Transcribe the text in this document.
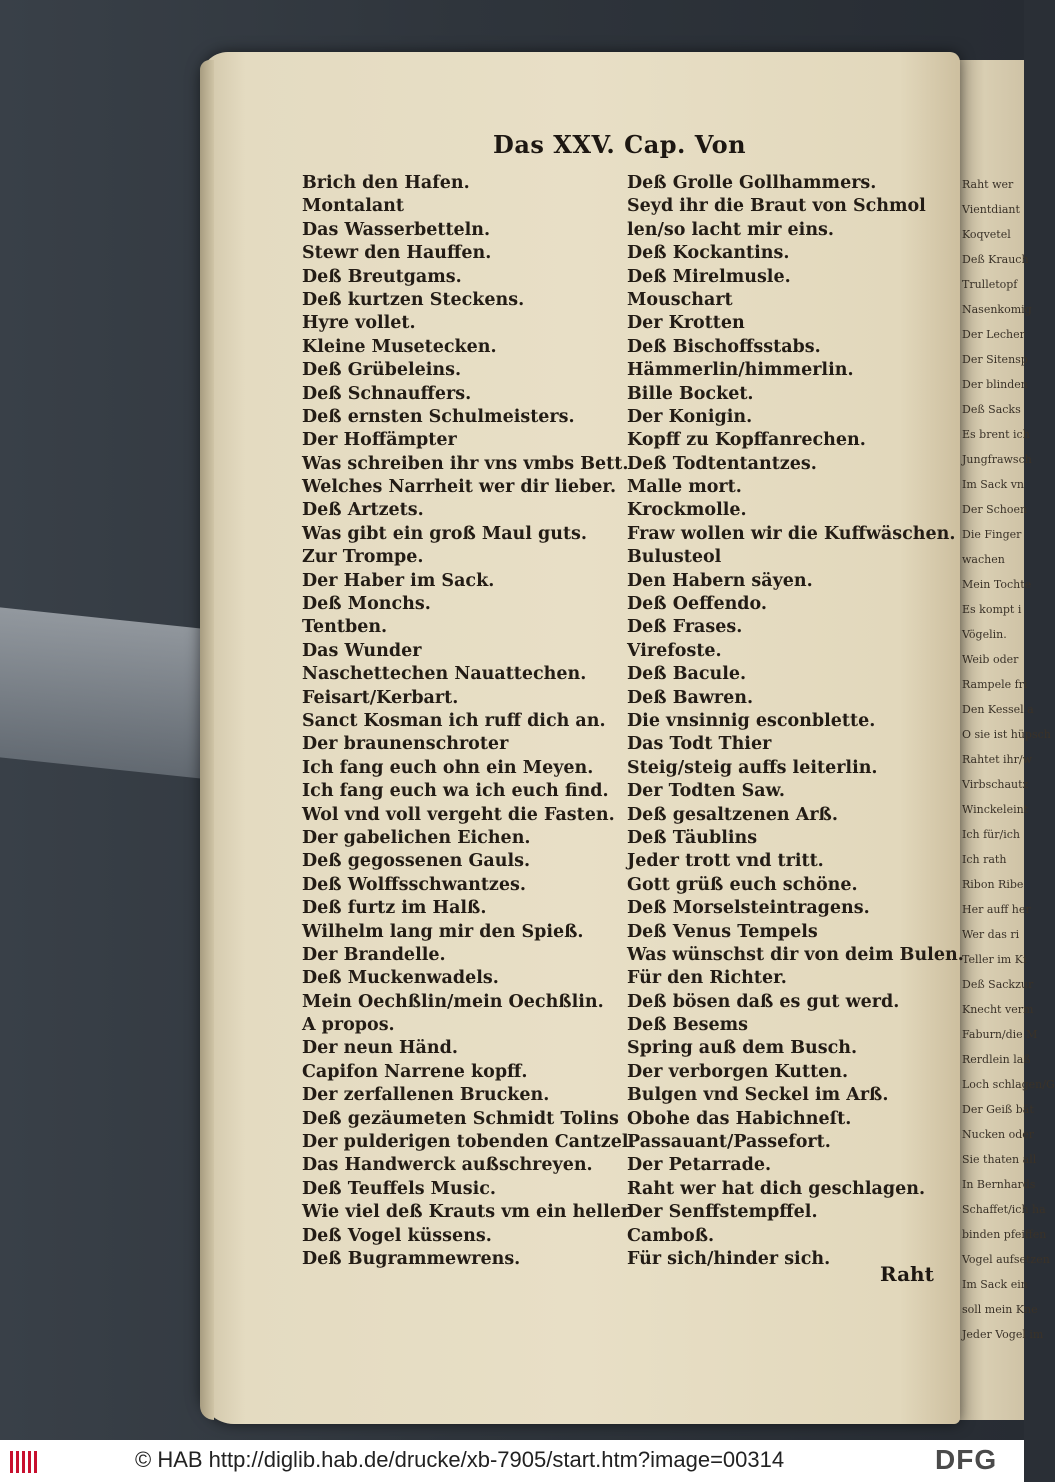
Raht wer
Vientdiant
Koqvetel
Deß Krauch
Trulletopf
Nasenkomig
Der Lecher
Der Sitensp
Der blinden
Deß Sacks
Es brent ich
Jungfrawsch
Im Sack vn
Der Schoen
Die Finger
wachen
Mein Tochte
Es kompt i
Vögelin.
Weib oder
Rampele fri
Den Kessel a
O sie ist hüpsch
Rahtet ihr/w
Virbschautz
Winckeleint
Ich für/ich
Ich rath
Ribon Ribe
Her auff her
Wer das ri
Teller im Ki
Deß Sackzur
Knecht verm
Faburn/die M
Rerdlein laß
Loch schlagen/G
Der Geiß bät
Nucken oder
Sie thaten all
In Bernhards
Schaffet/ich ha
binden pfeiffen
Vogel aufsetzen
Im Sack ein
soll mein Kne
Jeder Vogel im
Das XXV. Cap. Von
Brich den Hafen.
Montalant
Das Wasserbetteln.
Stewr den Hauffen.
Deß Breutgams.
Deß kurtzen Steckens.
Hyre vollet.
Kleine Musetecken.
Deß Grübeleins.
Deß Schnauffers.
Deß ernsten Schulmeisters.
Der Hoffämpter
Was schreiben ihr vns vmbs Bett.
Welches Narrheit wer dir lieber.
Deß Artzets.
Was gibt ein groß Maul guts.
Zur Trompe.
Der Haber im Sack.
Deß Monchs.
Tentben.
Das Wunder
Naschettechen Nauattechen.
Feisart/Kerbart.
Sanct Kosman ich ruff dich an.
Der braunenschroter
Ich fang euch ohn ein Meyen.
Ich fang euch wa ich euch find.
Wol vnd voll vergeht die Fasten.
Der gabelichen Eichen.
Deß gegossenen Gauls.
Deß Wolffsschwantzes.
Deß furtz im Halß.
Wilhelm lang mir den Spieß.
Der Brandelle.
Deß Muckenwadels.
Mein Oechßlin/mein Oechßlin.
A propos.
Der neun Händ.
Capifon Narrene kopff.
Der zerfallenen Brucken.
Deß gezäumeten Schmidt Tolins
Der pulderigen tobenden Cantzel.
Das Handwerck außschreyen.
Deß Teuffels Music.
Wie viel deß Krauts vm ein heller.
Deß Vogel küssens.
Deß Bugrammewrens.
Deß Grolle Gollhammers.
Seyd ihr die Braut von Schmol
len/so lacht mir eins.
Deß Kockantins.
Deß Mirelmusle.
Mouschart
Der Krotten
Deß Bischoffsstabs.
Hämmerlin/himmerlin.
Bille Bocket.
Der Konigin.
Kopff zu Kopffanrechen.
Deß Todtentantzes.
Malle mort.
Krockmolle.
Fraw wollen wir die Kuffwäschen.
Bulusteol
Den Habern säyen.
Deß Oeffendo.
Deß Frases.
Virefoste.
Deß Bacule.
Deß Bawren.
Die vnsinnig esconblette.
Das Todt Thier
Steig/steig auffs leiterlin.
Der Todten Saw.
Deß gesaltzenen Arß.
Deß Täublins
Jeder trott vnd tritt.
Gott grüß euch schöne.
Deß Morselsteintragens.
Deß Venus Tempels
Was wünschst dir von deim Bulen.
Für den Richter.
Deß bösen daß es gut werd.
Deß Besems
Spring auß dem Busch.
Der verborgen Kutten.
Bulgen vnd Seckel im Arß.
Obohe das Habichneſt.
Passauant/Passefort.
Der Petarrade.
Raht wer hat dich geschlagen.
Der Senffstempffel.
Camboß.
Für sich/hinder sich.
Raht
© HAB http://diglib.hab.de/drucke/xb-7905/start.htm?image=00314	DFG
